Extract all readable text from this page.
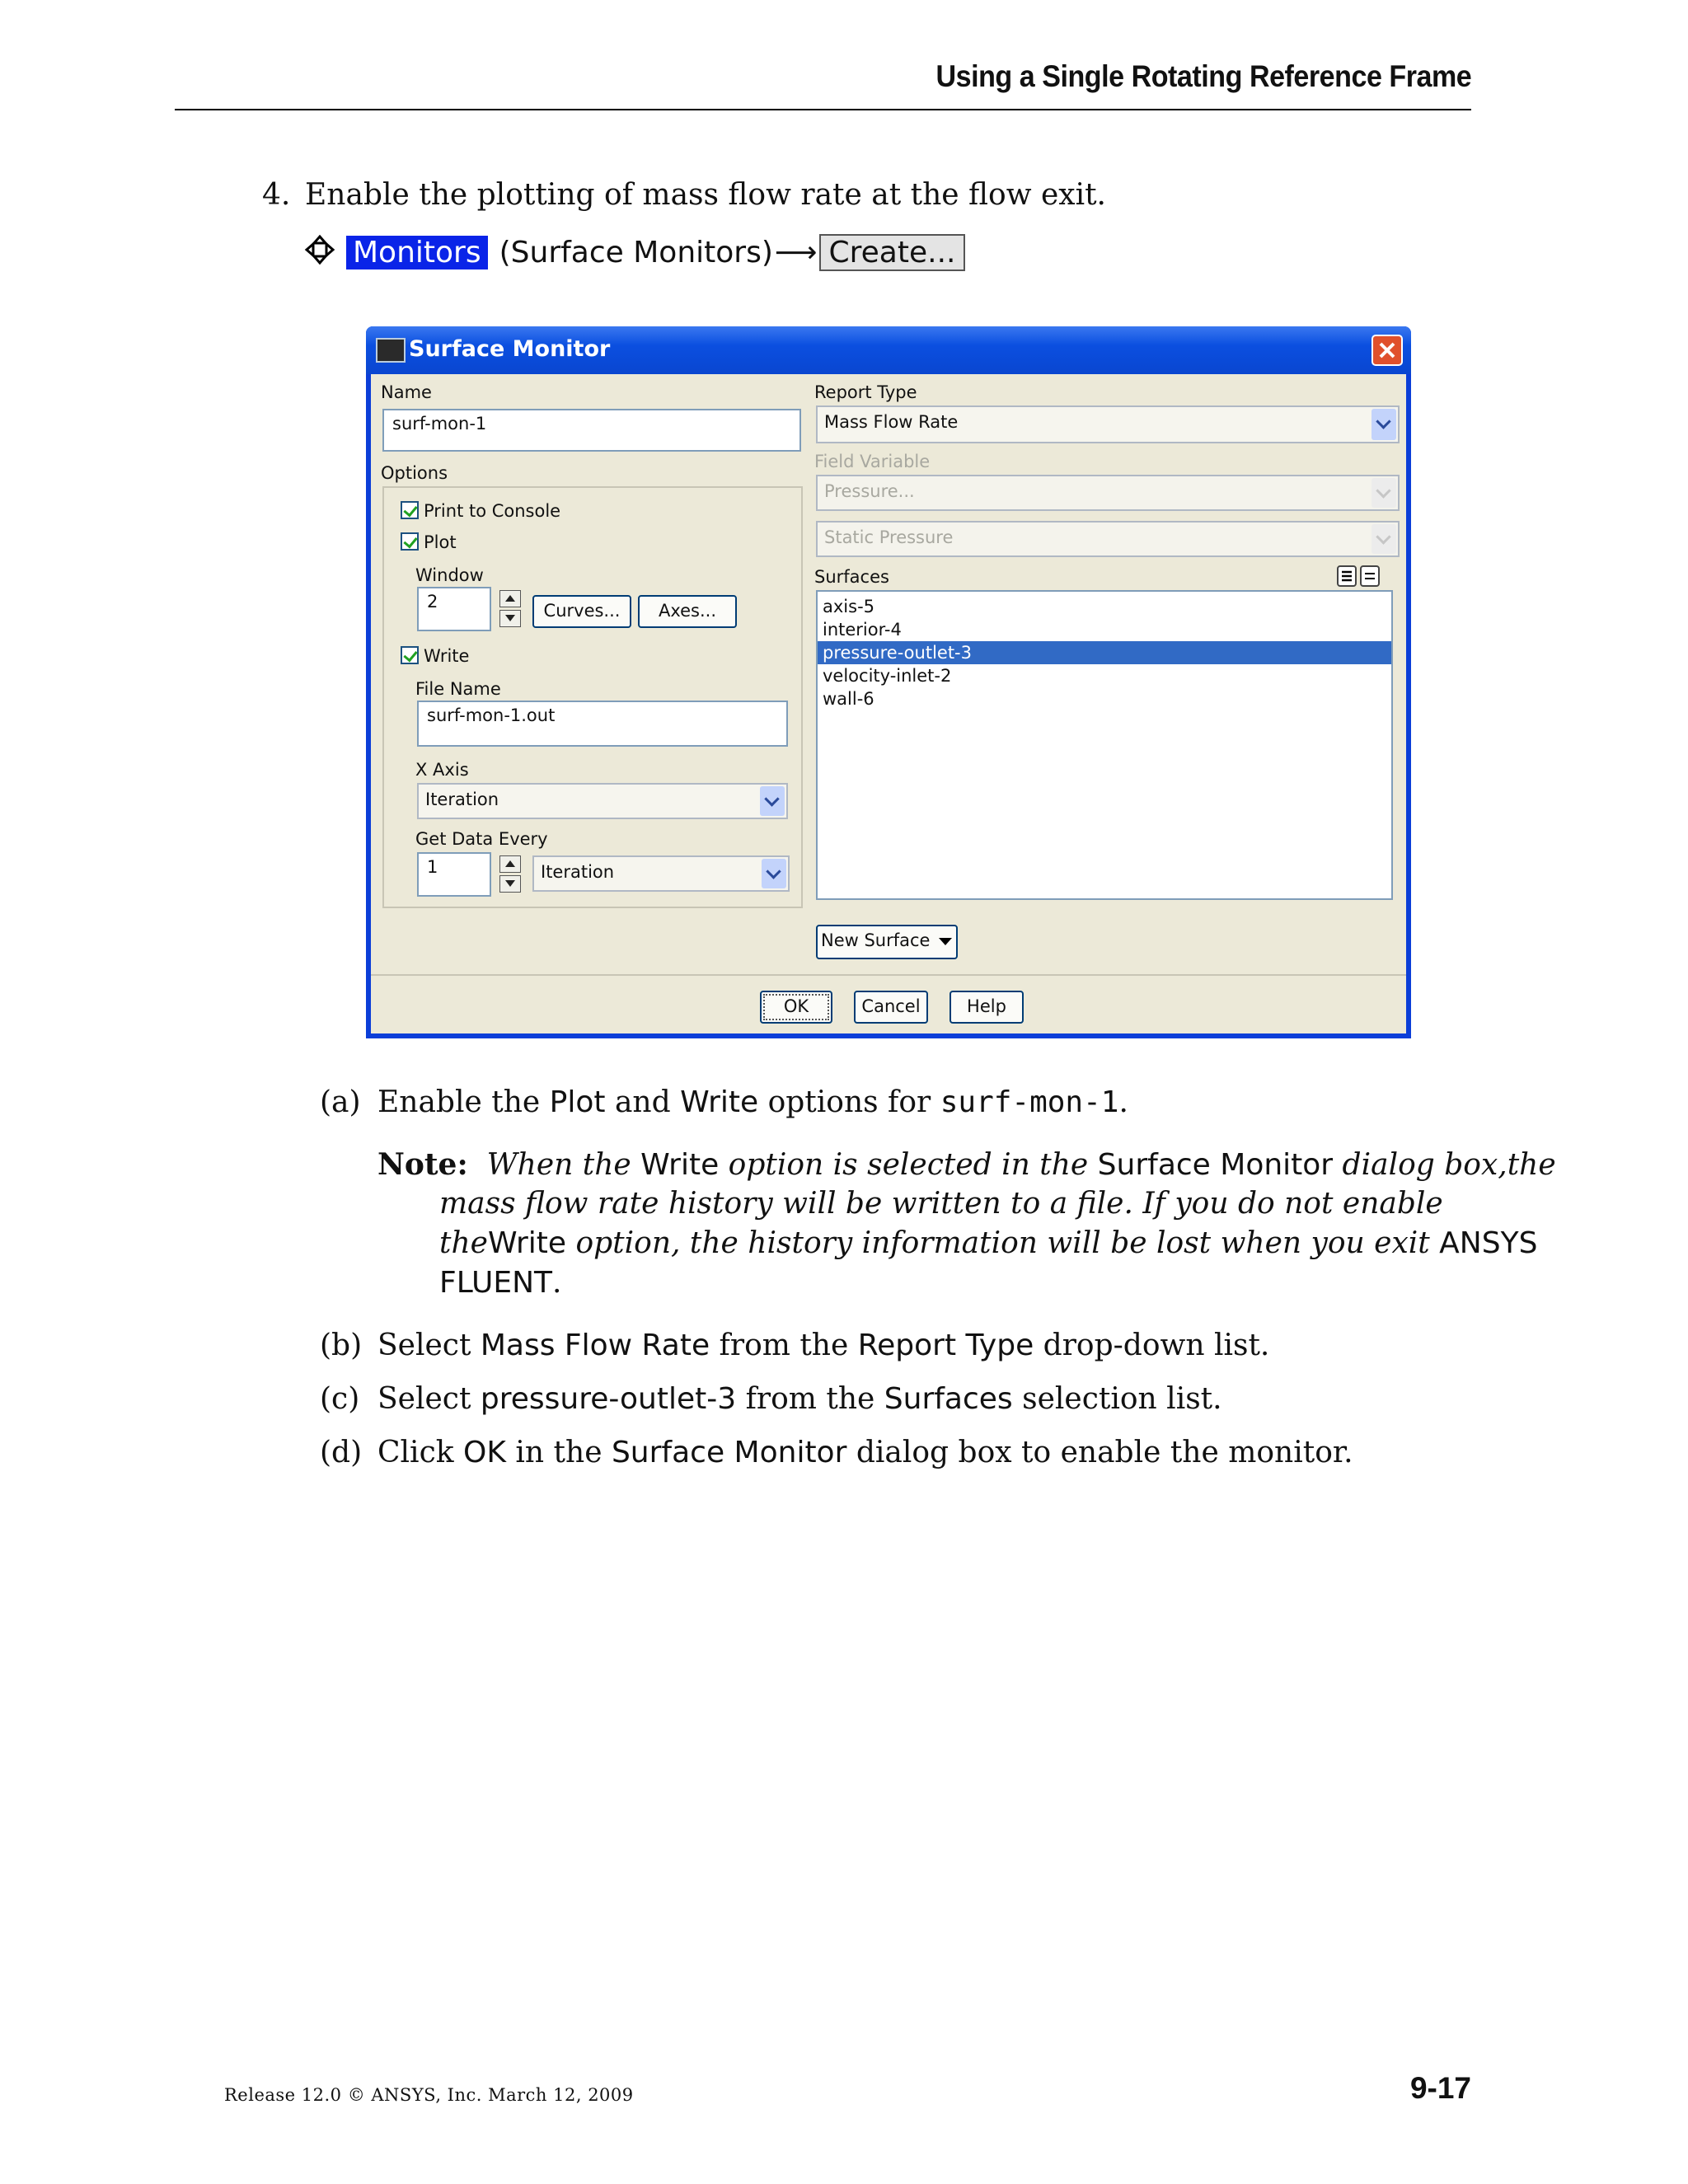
Using a Single Rotating Reference Frame
4. Enable the plotting of mass flow rate at the flow exit.
Monitors (Surface Monitors) ⟶ Create...
Surface Monitor
Name
surf-mon-1
Options
Print to Console
Plot
Window
2	Curves...	Axes...
Write
File Name
surf-mon-1.out
X Axis
Iteration
Get Data Every
1	Iteration
Report Type
Mass Flow Rate
Field Variable
Pressure...
Static Pressure
Surfaces
axis-5
interior-4
pressure-outlet-3
velocity-inlet-2
wall-6
New Surface
OK	Cancel	Help
(a) Enable the Plot and Write options for surf-mon-1.
Note: When the Write option is selected in the Surface Monitor dialog box,the
mass flow rate history will be written to a file. If you do not enable
theWrite option, the history information will be lost when you exit ANSYS
FLUENT.
(b) Select Mass Flow Rate from the Report Type drop-down list.
(c) Select pressure-outlet-3 from the Surfaces selection list.
(d) Click OK in the Surface Monitor dialog box to enable the monitor.
Release 12.0 © ANSYS, Inc. March 12, 2009	9-17
